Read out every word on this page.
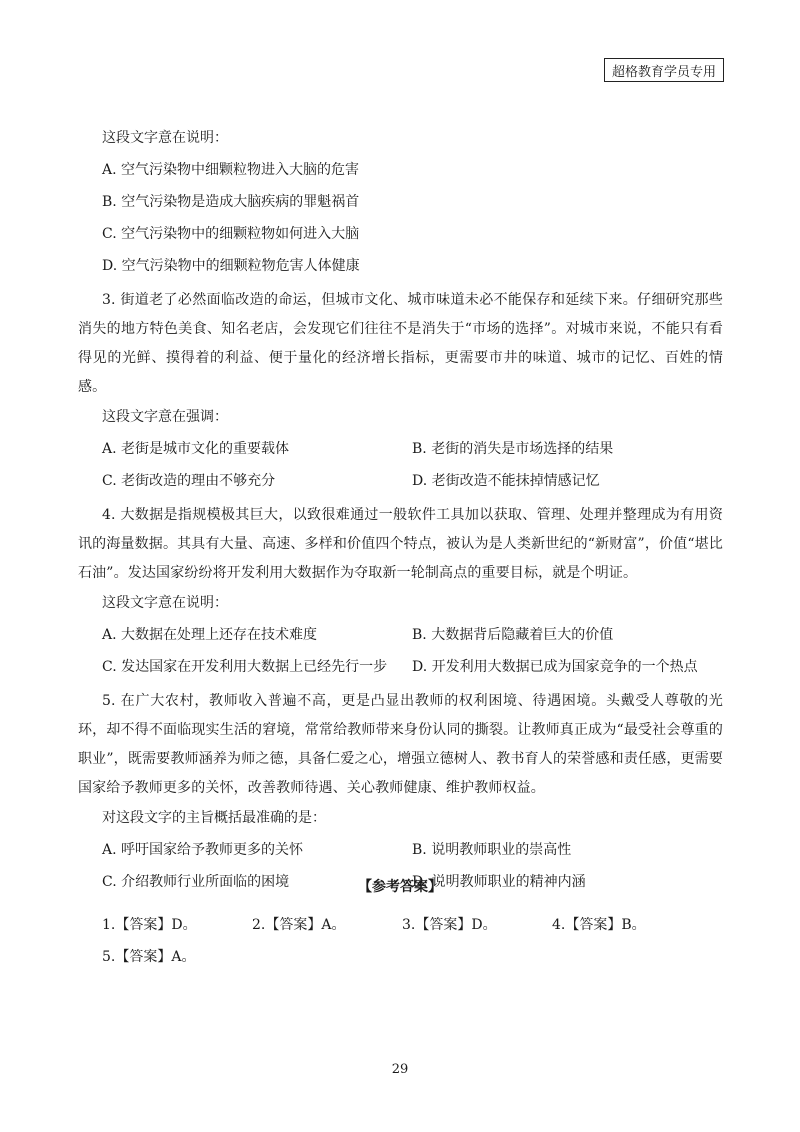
超格教育学员专用
这段文字意在说明：
A. 空气污染物中细颗粒物进入大脑的危害
B. 空气污染物是造成大脑疾病的罪魁祸首
C. 空气污染物中的细颗粒物如何进入大脑
D. 空气污染物中的细颗粒物危害人体健康

3. 街道老了必然面临改造的命运，但城市文化、城市味道未必不能保存和延续下来。仔细研究那些消失的地方特色美食、知名老店，会发现它们往往不是消失于“市场的选择”。对城市来说，不能只有看得见的光鲜、摸得着的利益、便于量化的经济增长指标，更需要市井的味道、城市的记忆、百姓的情感。

这段文字意在强调：
A. 老街是城市文化的重要载体	B. 老街的消失是市场选择的结果
C. 老街改造的理由不够充分	D. 老街改造不能抹掉情感记忆

4. 大数据是指规模极其巨大，以致很难通过一般软件工具加以获取、管理、处理并整理成为有用资讯的海量数据。其具有大量、高速、多样和价值四个特点，被认为是人类新世纪的“新财富”，价值“堪比石油”。发达国家纷纷将开发利用大数据作为夺取新一轮制高点的重要目标，就是个明证。

这段文字意在说明：
A. 大数据在处理上还存在技术难度	B. 大数据背后隐藏着巨大的价值
C. 发达国家在开发利用大数据上已经先行一步	D. 开发利用大数据已成为国家竞争的一个热点

5. 在广大农村，教师收入普遍不高，更是凸显出教师的权利困境、待遇困境。头戴受人尊敬的光环，却不得不面临现实生活的窘境，常常给教师带来身份认同的撕裂。让教师真正成为“最受社会尊重的职业”，既需要教师涵养为师之德，具备仁爱之心，增强立德树人、教书育人的荣誉感和责任感，更需要国家给予教师更多的关怀，改善教师待遇、关心教师健康、维护教师权益。

对这段文字的主旨概括最准确的是：
A. 呼吁国家给予教师更多的关怀	B. 说明教师职业的崇高性
C. 介绍教师行业所面临的困境	D. 说明教师职业的精神内涵
【参考答案】
1.【答案】D。	2.【答案】A。	3.【答案】D。	4.【答案】B。
5.【答案】A。
29
